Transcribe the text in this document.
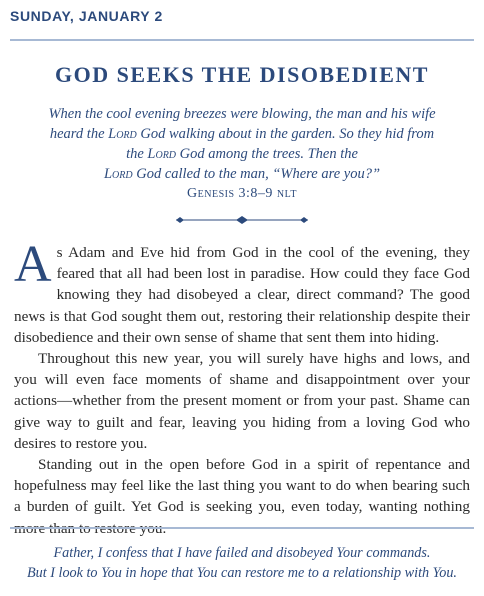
SUNDAY, JANUARY 2
GOD SEEKS THE DISOBEDIENT
When the cool evening breezes were blowing, the man and his wife heard the Lord God walking about in the garden. So they hid from the Lord God among the trees. Then the
Lord God called to the man, “Where are you?”
Genesis 3:8–9 nlt

As Adam and Eve hid from God in the cool of the evening, they feared that all had been lost in paradise. How could they face God knowing they had disobeyed a clear, direct command? The good news is that God sought them out, restoring their relationship despite their disobedience and their own sense of shame that sent them into hiding.

Throughout this new year, you will surely have highs and lows, and you will even face moments of shame and disappointment over your actions—whether from the present moment or from your past. Shame can give way to guilt and fear, leaving you hiding from a loving God who desires to restore you.

Standing out in the open before God in a spirit of repentance and hopefulness may feel like the last thing you want to do when bearing such a burden of guilt. Yet God is seeking you, even today, wanting nothing

Father, I confess that I have failed and disobeyed Your commands.
But I look to You in hope that You can restore me to a relationship with You.
